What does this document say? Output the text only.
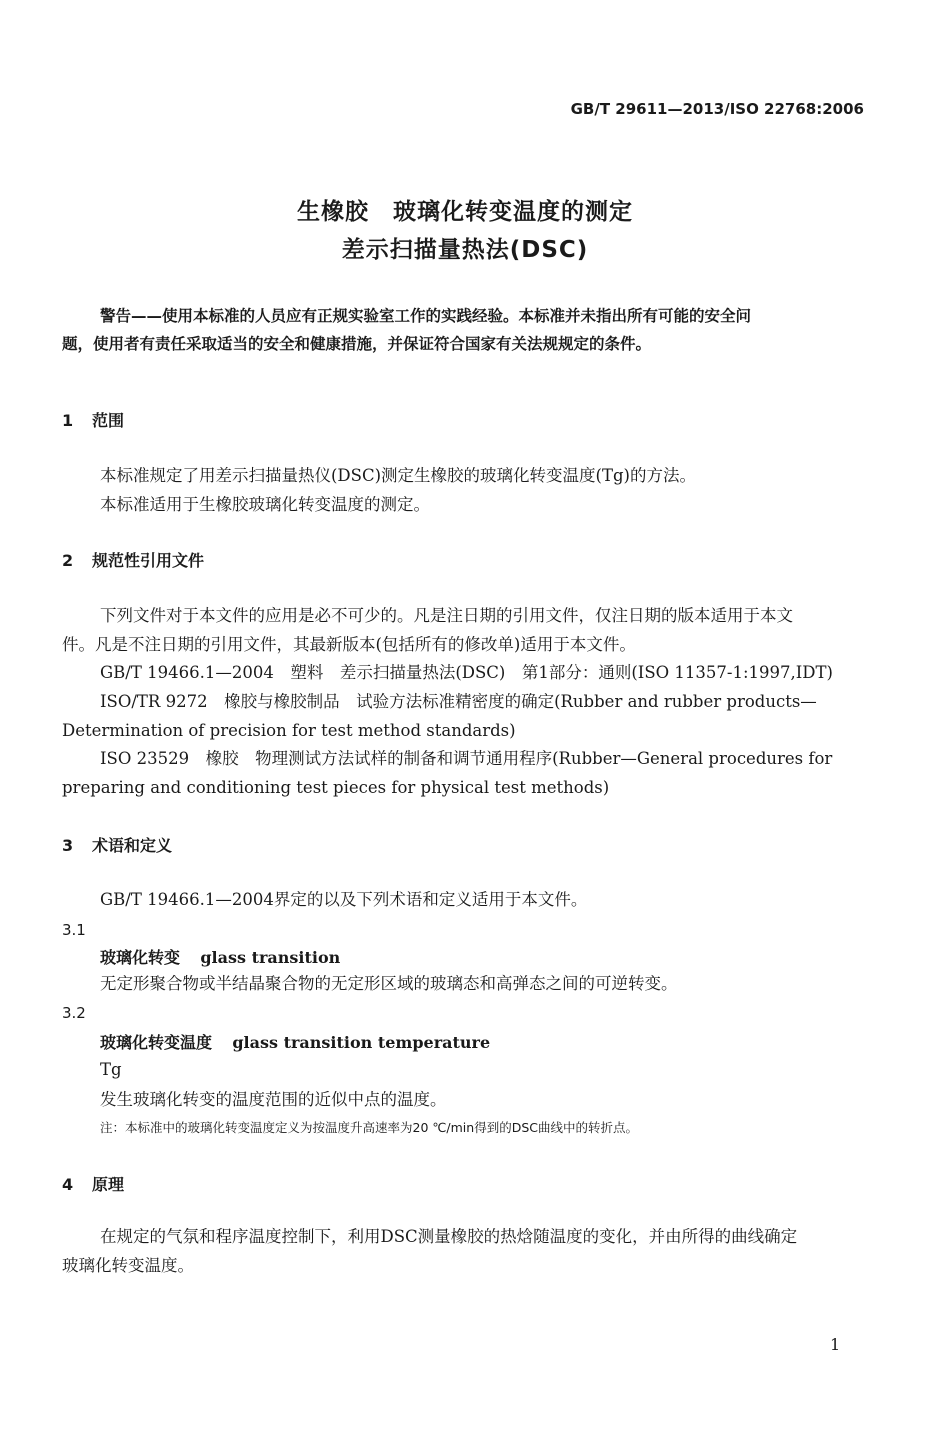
GB/T 29611—2013/ISO 22768:2006
生橡胶　玻璃化转变温度的测定
差示扫描量热法(DSC)
警告——使用本标准的人员应有正规实验室工作的实践经验。本标准并未指出所有可能的安全问
题，使用者有责任采取适当的安全和健康措施，并保证符合国家有关法规规定的条件。
1 范围
本标准规定了用差示扫描量热仪(DSC)测定生橡胶的玻璃化转变温度(Tg)的方法。
本标准适用于生橡胶玻璃化转变温度的测定。
2 规范性引用文件
下列文件对于本文件的应用是必不可少的。凡是注日期的引用文件，仅注日期的版本适用于本文
件。凡是不注日期的引用文件，其最新版本(包括所有的修改单)适用于本文件。
GB/T 19466.1—2004　塑料　差示扫描量热法(DSC)　第1部分：通则(ISO 11357-1:1997,IDT)
ISO/TR 9272　橡胶与橡胶制品　试验方法标准精密度的确定(Rubber and rubber products—
Determination of precision for test method standards)
ISO 23529　橡胶　物理测试方法试样的制备和调节通用程序(Rubber—General procedures for
preparing and conditioning test pieces for physical test methods)
3 术语和定义
GB/T 19466.1—2004界定的以及下列术语和定义适用于本文件。
3.1
玻璃化转变 glass transition
无定形聚合物或半结晶聚合物的无定形区域的玻璃态和高弹态之间的可逆转变。
3.2
玻璃化转变温度 glass transition temperature
Tg
发生玻璃化转变的温度范围的近似中点的温度。
注：本标准中的玻璃化转变温度定义为按温度升高速率为20 ℃/min得到的DSC曲线中的转折点。
4 原理
在规定的气氛和程序温度控制下，利用DSC测量橡胶的热焓随温度的变化，并由所得的曲线确定
玻璃化转变温度。
1
